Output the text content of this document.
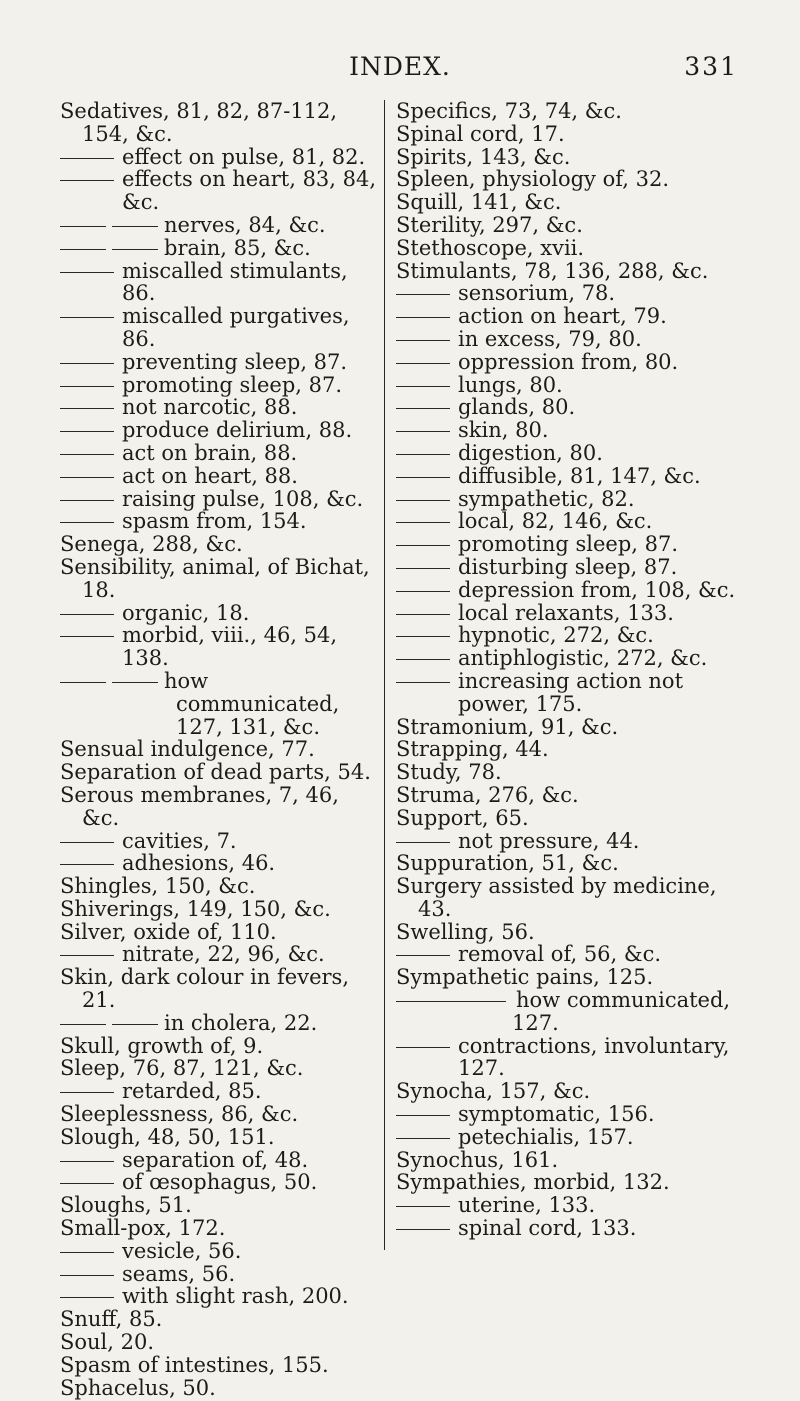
INDEX.	331
Sedatives, 81, 82, 87-112, 154, &c.
effect on pulse, 81, 82.
effects on heart, 83, 84, &c.
nerves, 84, &c.
brain, 85, &c.
miscalled stimulants, 86.
miscalled purgatives, 86.
preventing sleep, 87.
promoting sleep, 87.
not narcotic, 88.
produce delirium, 88.
act on brain, 88.
act on heart, 88.
raising pulse, 108, &c.
spasm from, 154.
Senega, 288, &c.
Sensibility, animal, of Bichat, 18.
organic, 18.
morbid, viii., 46, 54, 138.
how communicated, 127, 131, &c.
Sensual indulgence, 77.
Separation of dead parts, 54.
Serous membranes, 7, 46, &c.
cavities, 7.
adhesions, 46.
Shingles, 150, &c.
Shiverings, 149, 150, &c.
Silver, oxide of, 110.
nitrate, 22, 96, &c.
Skin, dark colour in fevers, 21.
in cholera, 22.
Skull, growth of, 9.
Sleep, 76, 87, 121, &c.
retarded, 85.
Sleeplessness, 86, &c.
Slough, 48, 50, 151.
separation of, 48.
of œsophagus, 50.
Sloughs, 51.
Small-pox, 172.
vesicle, 56.
seams, 56.
with slight rash, 200.
Snuff, 85.
Soul, 20.
Spasm of intestines, 155.
Sphacelus, 50.
Specifics, 73, 74, &c.
Spinal cord, 17.
Spirits, 143, &c.
Spleen, physiology of, 32.
Squill, 141, &c.
Sterility, 297, &c.
Stethoscope, xvii.
Stimulants, 78, 136, 288, &c.
sensorium, 78.
action on heart, 79.
in excess, 79, 80.
oppression from, 80.
lungs, 80.
glands, 80.
skin, 80.
digestion, 80.
diffusible, 81, 147, &c.
sympathetic, 82.
local, 82, 146, &c.
promoting sleep, 87.
disturbing sleep, 87.
depression from, 108, &c.
local relaxants, 133.
hypnotic, 272, &c.
antiphlogistic, 272, &c.
increasing action not power, 175.
Stramonium, 91, &c.
Strapping, 44.
Study, 78.
Struma, 276, &c.
Support, 65.
not pressure, 44.
Suppuration, 51, &c.
Surgery assisted by medicine, 43.
Swelling, 56.
removal of, 56, &c.
Sympathetic pains, 125.
how communicated, 127.
contractions, involuntary, 127.
Synocha, 157, &c.
symptomatic, 156.
petechialis, 157.
Synochus, 161.
Sympathies, morbid, 132.
uterine, 133.
spinal cord, 133.
